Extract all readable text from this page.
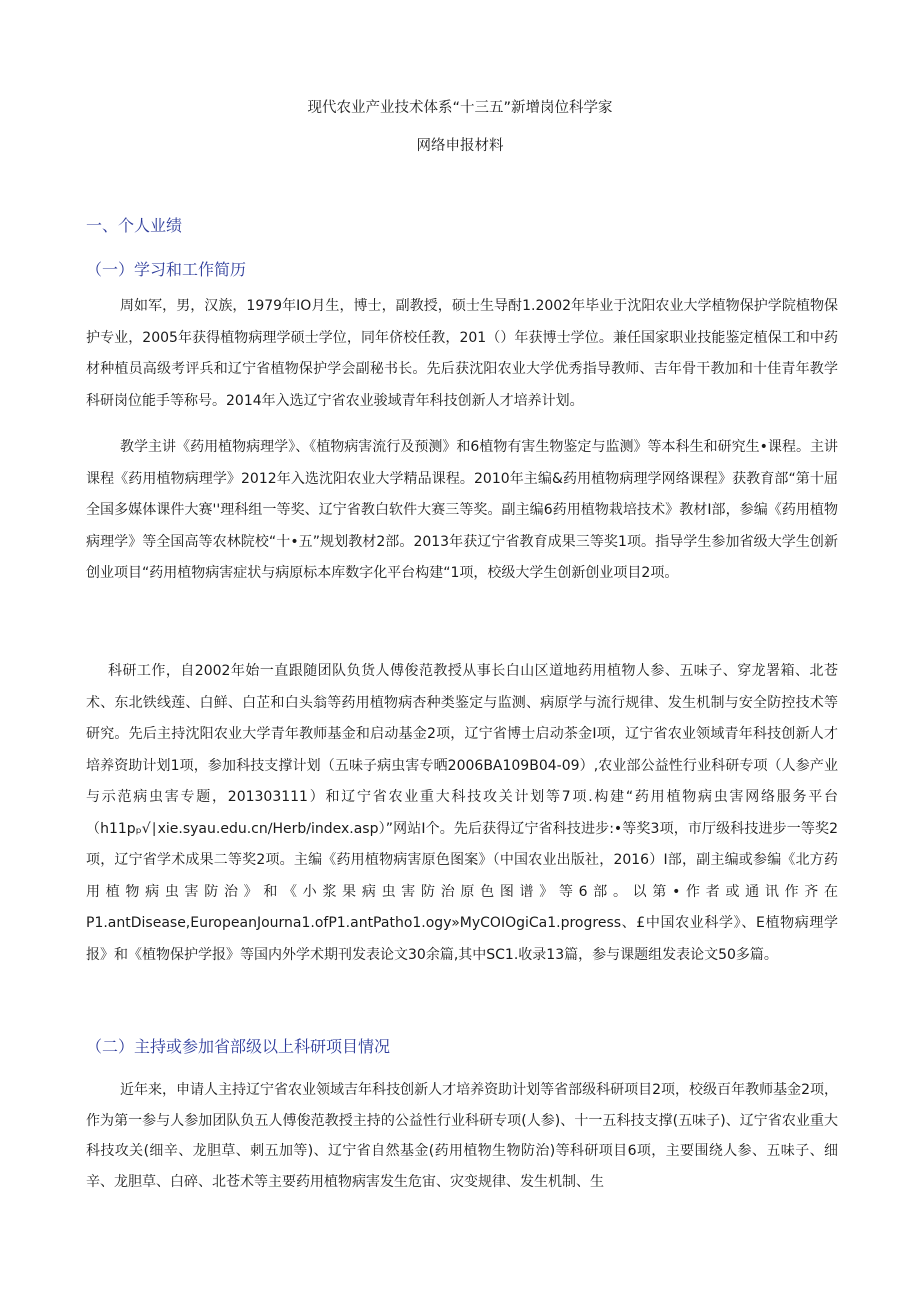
现代农业产业技术体系“十三五”新增岗位科学家
网络申报材料
一、个人业绩
（一）学习和工作简历

周如军，男，汉族，1979年IO月生，博士，副教授，硕士生导酎1.2002年毕业于沈阳农业大学植物保护学院植物保护专业，2005年获得植物病理学硕士学位，同年侪校任教，201（）年获博士学位。兼任国家职业技能鉴定植保工和中药材种植员高级考评兵和辽宁省植物保护学会副秘书长。先后获沈阳农业大学优秀指导教师、吉年骨干教加和十佳青年教学科研岗位能手等称号。2014年入选辽宁省农业骏域青年科技创新人才培养计划。

教学主讲《药用植物病理学》、《植物病害流行及预测》和6植物有害生物鉴定与监测》等本科生和研究生•课程。主讲课程《药用植物病理学》2012年入选沈阳农业大学精品课程。2010年主编&药用植物病理学网络课程》获教育部“第十屈全国多媒体课件大赛''理科组一等奖、辽宁省教白软件大赛三等奖。副主编6药用植物栽培技术》教材I部，参编《药用植物病理学》等全国高等农林院校“十•五”规划教材2部。2013年获辽宁省教育成果三等奖1项。指导学生参加省级大学生创新创业项目“药用植物病害症状与病原标本库数字化平台构建“1项，校级大学生创新创业项目2项。

科研工作，自2002年始一直跟随团队负货人傅俊范教授从事长白山区道地药用植物人参、五味子、穿龙署箱、北苍术、东北铁线莲、白鲜、白芷和白头翁等药用植物病杏种类鉴定与监测、病原学与流行规律、发生机制与安全防控技术等研究。先后主持沈阳农业大学青年教师基金和启动基金2项，辽宁省博士启动茶金I项，辽宁省农业领域青年科技创新人才培养资助计划1项，参加科技支撑计划（五味子病虫害专晒2006BA109B04-09）,农业部公益性行业科研专项（人参产业与示范病虫害专题，201303111）和辽宁省农业重大科技攻关计划等7项.构建“药用植物病虫害网络服务平台（h11pₚ√∣xie.syau.edu.cn∕Herb∕index.asp）”网站I个。先后获得辽宁省科技进步:•等奖3项，市厅级科技进步一等奖2项，辽宁省学术成果二等奖2项。主编《药用植物病害原色图案》（中国农业出版社，2016）I部，副主编或参编《北方药用植物病虫害防治》和《小浆果病虫害防治原色图谱》等6部。以第•作者或通讯作齐在P1.antDisease,EuropeanJourna1.ofP1.antPatho1.ogy»MyCOIOgiCa1.progress、£中国农业科学》、E植物病理学报》和《植物保护学报》等国内外学术期刊发表论文30余篇,其中SC1.收录13篇，参与课题组发表论文50多篇。

（二）主持或参加省部级以上科研项目情况

近年来，申请人主持辽宁省农业领域吉年科技创新人才培养资助计划等省部级科研项目2项，校级百年教师基金2项，作为第一参与人参加团队负五人傅俊范教授主持的公益性行业科研专项(人参)、十一五科技支撑(五味子)、辽宁省农业重大科技攻关(细辛、龙胆草、刺五加等)、辽宁省自然基金(药用植物生物防治)等科研项目6项，主要围绕人参、五味子、细辛、龙胆草、白碎、北苍术等主要药用植物病害发生危宙、灾变规律、发生机制、生
